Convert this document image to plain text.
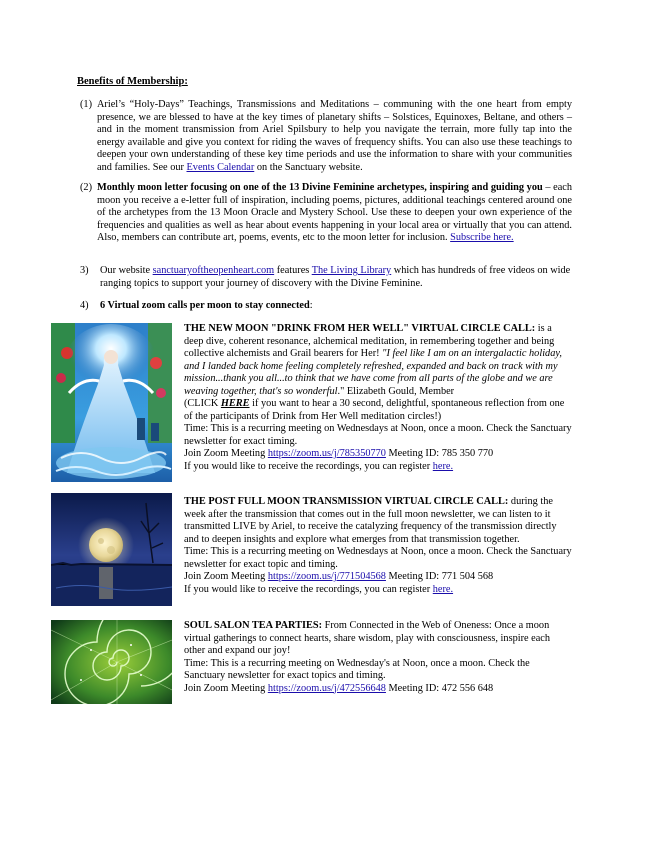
Benefits of Membership:
(1) Ariel’s “Holy-Days” Teachings, Transmissions and Meditations – communing with the one heart from empty presence, we are blessed to have at the key times of planetary shifts – Solstices, Equinoxes, Beltane, and others – and in the moment transmission from Ariel Spilsbury to help you navigate the terrain, more fully tap into the energy available and give you context for riding the waves of frequency shifts. You can also use these teachings to deepen your own understanding of these key time periods and use the information to share with your communities and families. See our Events Calendar on the Sanctuary website.
(2) Monthly moon letter focusing on one of the 13 Divine Feminine archetypes, inspiring and guiding you – each moon you receive a e-letter full of inspiration, including poems, pictures, additional teachings centered around one of the archetypes from the 13 Moon Oracle and Mystery School. Use these to deepen your own experience of the frequencies and qualities as well as hear about events happening in your local area or virtually that you can attend. Also, members can contribute art, poems, events, etc to the moon letter for inclusion. Subscribe here.
3)	Our website sanctuaryoftheopenheart.com features The Living Library which has hundreds of free videos on wide ranging topics to support your journey of discovery with the Divine Feminine.
4)	6 Virtual zoom calls per moon to stay connected:
THE NEW MOON "DRINK FROM HER WELL" VIRTUAL CIRCLE CALL: is a deep dive, coherent resonance, alchemical meditation, in remembering together and being collective alchemists and Grail bearers for Her! "I feel like I am on an intergalactic holiday, and I landed back home feeling completely refreshed, expanded and back on track with my mission...thank you all...to think that we have come from all parts of the globe and we are weaving together, that's so wonderful." Elizabeth Gould, Member
(CLICK HERE if you want to hear a 30 second, delightful, spontaneous reflection from one of the participants of Drink from Her Well meditation circles!)
Time: This is a recurring meeting on Wednesdays at Noon, once a moon. Check the Sanctuary newsletter for exact timing.
Join Zoom Meeting https://zoom.us/j/785350770 Meeting ID: 785 350 770
If you would like to receive the recordings, you can register here.
THE POST FULL MOON TRANSMISSION VIRTUAL CIRCLE CALL: during the week after the transmission that comes out in the full moon newsletter, we can listen to it transmitted LIVE by Ariel, to receive the catalyzing frequency of the transmission directly and to deepen insights and explore what emerges from that transmission together.
Time: This is a recurring meeting on Wednesdays at Noon, once a moon. Check the Sanctuary newsletter for exact topic and timing.
Join Zoom Meeting https://zoom.us/j/771504568 Meeting ID: 771 504 568
If you would like to receive the recordings, you can register here.
SOUL SALON TEA PARTIES: From Connected in the Web of Oneness: Once a moon virtual gatherings to connect hearts, share wisdom, play with consciousness, inspire each other and expand our joy!
Time: This is a recurring meeting on Wednesday's at Noon, once a moon. Check the Sanctuary newsletter for exact topics and timing.
Join Zoom Meeting https://zoom.us/j/472556648 Meeting ID: 472 556 648
